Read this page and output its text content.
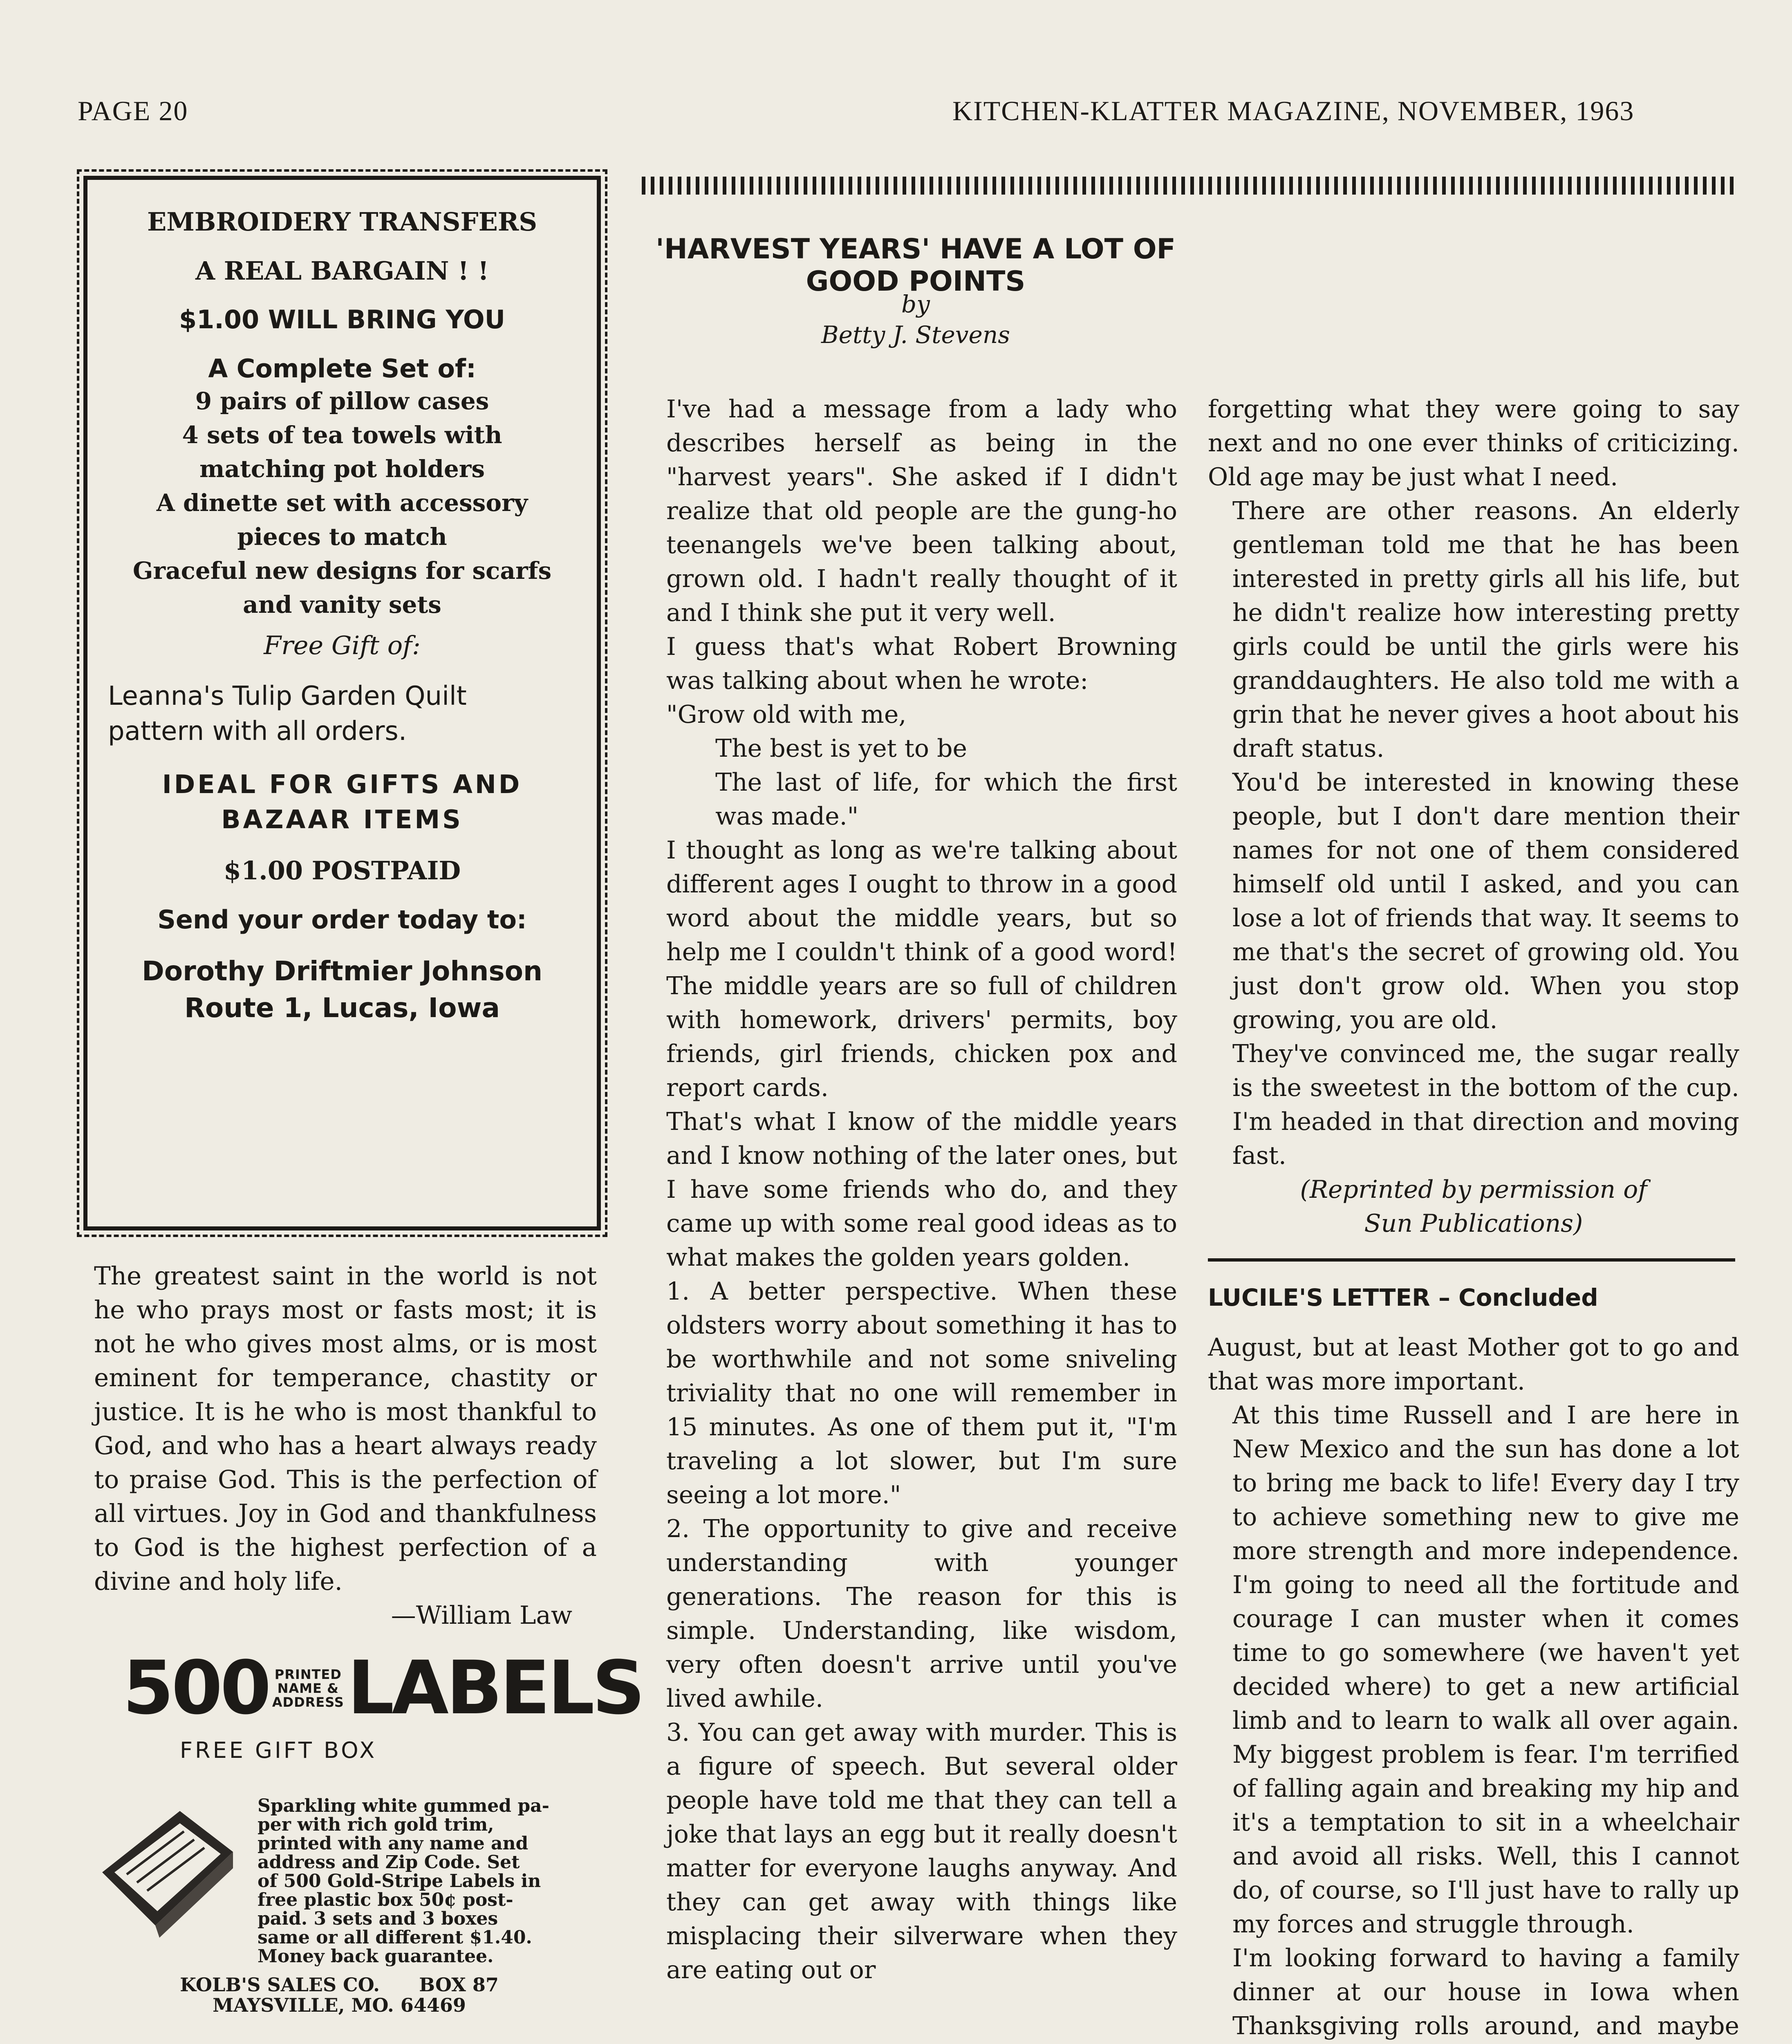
PAGE 20	KITCHEN-KLATTER MAGAZINE, NOVEMBER, 1963
EMBROIDERY TRANSFERS
A REAL BARGAIN ! !
$1.00 WILL BRING YOU
A Complete Set of:
9 pairs of pillow cases
4 sets of tea towels with
matching pot holders
A dinette set with accessory
pieces to match
Graceful new designs for scarfs
and vanity sets
Free Gift of:
Leanna's Tulip Garden Quilt
pattern with all orders.
IDEAL FOR GIFTS AND
BAZAAR ITEMS
$1.00 POSTPAID
Send your order today to:
Dorothy Driftmier Johnson
Route 1, Lucas, Iowa
The greatest saint in the world is not he who prays most or fasts most; it is not he who gives most alms, or is most eminent for temperance, chastity or justice. It is he who is most thankful to God, and who has a heart always ready to praise God. This is the perfection of all virtues. Joy in God and thankfulness to God is the highest perfection of a divine and holy life.
—William Law
500 PRINTED
NAME &
ADDRESS LABELS
FREE GIFT BOX
Sparkling white gummed pa-
per with rich gold trim,
printed with any name and
address and Zip Code. Set
of 500 Gold-Stripe Labels in
free plastic box 50¢ post-
paid. 3 sets and 3 boxes
same or all different $1.40.
Money back guarantee.
KOLB'S SALES CO.      BOX 87
MAYSVILLE, MO. 64469
'HARVEST YEARS' HAVE A LOT OF GOOD POINTS
by
Betty J. Stevens

I've had a message from a lady who describes herself as being in the "harvest years". She asked if I didn't realize that old people are the gung-ho teenangels we've been talking about, grown old. I hadn't really thought of it and I think she put it very well.

I guess that's what Robert Browning was talking about when he wrote:

"Grow old with me,

The best is yet to be

The last of life, for which the first was made."

I thought as long as we're talking about different ages I ought to throw in a good word about the middle years, but so help me I couldn't think of a good word! The middle years are so full of children with homework, drivers' permits, boy friends, girl friends, chicken pox and report cards.

That's what I know of the middle years and I know nothing of the later ones, but I have some friends who do, and they came up with some real good ideas as to what makes the golden years golden.

1. A better perspective. When these oldsters worry about something it has to be worthwhile and not some sniveling triviality that no one will remember in 15 minutes. As one of them put it, "I'm traveling a lot slower, but I'm sure seeing a lot more."

2. The opportunity to give and receive understanding with younger generations. The reason for this is simple. Understanding, like wisdom, very often doesn't arrive until you've lived awhile.

3. You can get away with murder. This is a figure of speech. But several older people have told me that they can tell a joke that lays an egg but it really doesn't matter for everyone laughs anyway. And they can get away with things like misplacing their silverware when they are eating out or

forgetting what they were going to say next and no one ever thinks of criticizing. Old age may be just what I need.

There are other reasons. An elderly gentleman told me that he has been interested in pretty girls all his life, but he didn't realize how interesting pretty girls could be until the girls were his granddaughters. He also told me with a grin that he never gives a hoot about his draft status.

You'd be interested in knowing these people, but I don't dare mention their names for not one of them considered himself old until I asked, and you can lose a lot of friends that way. It seems to me that's the secret of growing old. You just don't grow old. When you stop growing, you are old.

They've convinced me, the sugar really is the sweetest in the bottom of the cup. I'm headed in that direction and moving fast.

(Reprinted by permission of

Sun Publications)

LUCILE'S LETTER – Concluded

August, but at least Mother got to go and that was more important.

At this time Russell and I are here in New Mexico and the sun has done a lot to bring me back to life! Every day I try to achieve something new to give me more strength and more independence. I'm going to need all the fortitude and courage I can muster when it comes time to go somewhere (we haven't yet decided where) to get a new artificial limb and to learn to walk all over again. My biggest problem is fear. I'm terrified of falling again and breaking my hip and it's a temptation to sit in a wheelchair and avoid all risks. Well, this I cannot do, of course, so I'll just have to rally up my forces and struggle through.

I'm looking forward to having a family dinner at our house in Iowa when Thanksgiving rolls around, and maybe
